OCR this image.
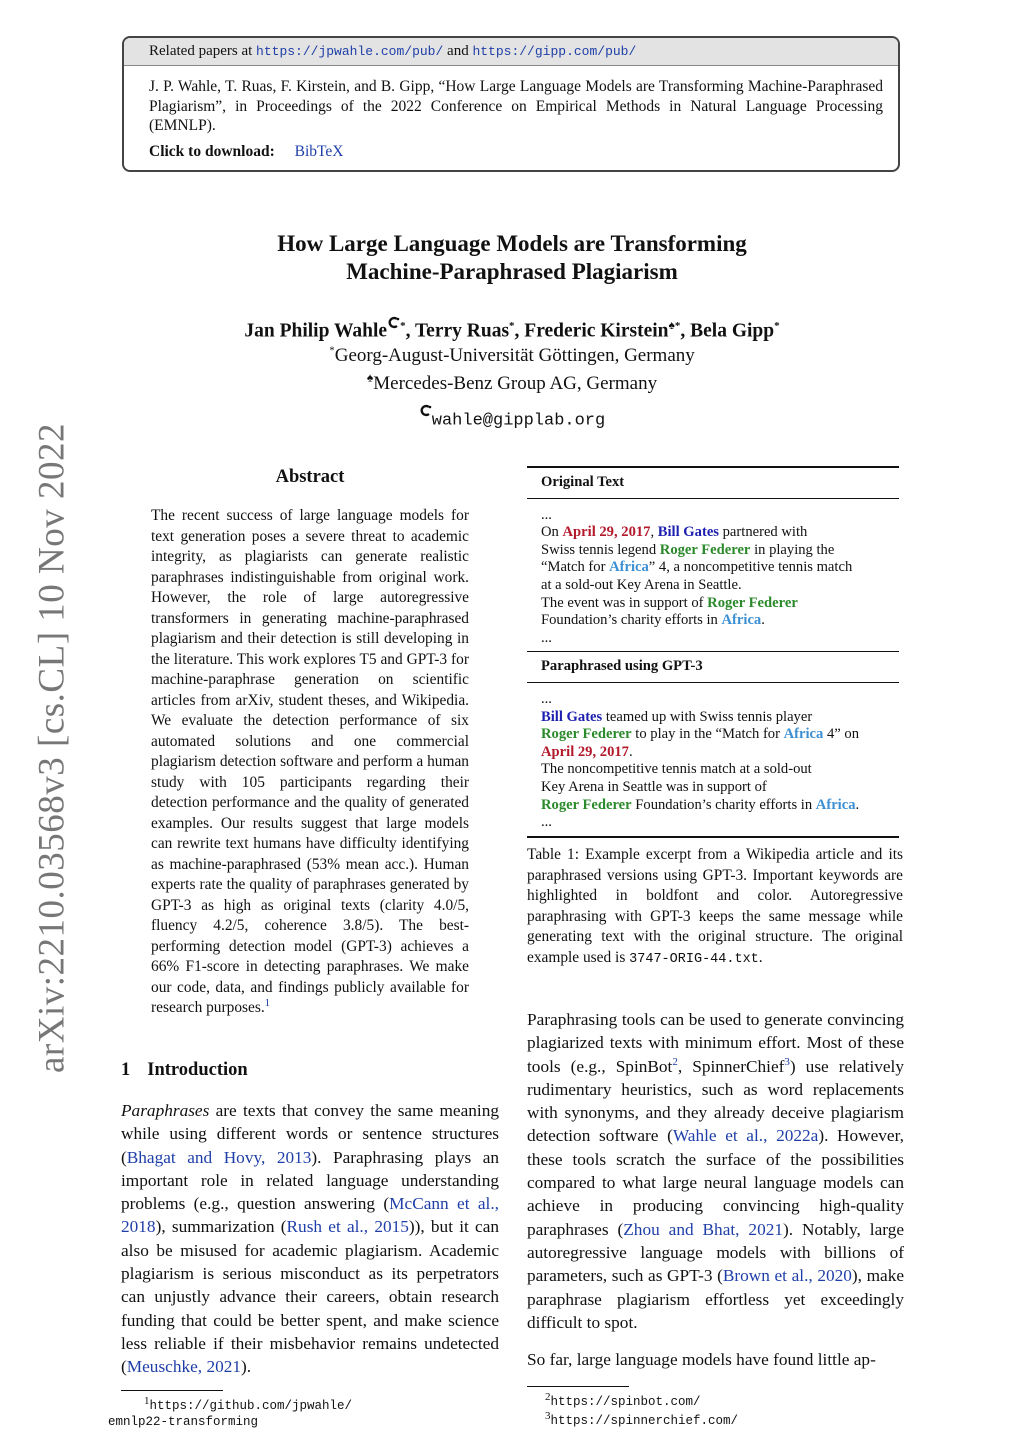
Related papers at https://jpwahle.com/pub/ and https://gipp.com/pub/
J. P. Wahle, T. Ruas, F. Kirstein, and B. Gipp, “How Large Language Models are Transforming Machine-Paraphrased Plagiarism”, in Proceedings of the 2022 Conference on Empirical Methods in Natural Language Processing (EMNLP).
Click to download: BibTeX
arXiv:2210.03568v3 [cs.CL] 10 Nov 2022
How Large Language Models are Transforming
Machine-Paraphrased Plagiarism
Jan Philip Wahle *, Terry Ruas*, Frederic Kirstein♠*, Bela Gipp*
*Georg-August-Universität Göttingen, Germany
♠Mercedes-Benz Group AG, Germany
wahle@gipplab.org
Abstract
The recent success of large language models for text generation poses a severe threat to academic integrity, as plagiarists can generate realistic paraphrases indistinguishable from original work. However, the role of large autoregressive transformers in generating machine-paraphrased plagiarism and their detection is still developing in the literature. This work explores T5 and GPT-3 for machine-paraphrase generation on scientific articles from arXiv, student theses, and Wikipedia. We evaluate the detection performance of six automated solutions and one commercial plagiarism detection software and perform a human study with 105 participants regarding their detection performance and the quality of generated examples. Our results suggest that large models can rewrite text humans have difficulty identifying as machine-paraphrased (53% mean acc.). Human experts rate the quality of paraphrases generated by GPT-3 as high as original texts (clarity 4.0/5, fluency 4.2/5, coherence 3.8/5). The best-performing detection model (GPT-3) achieves a 66% F1-score in detecting paraphrases. We make our code, data, and findings publicly available for research purposes.$^1$
1 Introduction
Paraphrases are texts that convey the same meaning while using different words or sentence structures (Bhagat and Hovy, 2013). Paraphrasing plays an important role in related language understanding problems (e.g., question answering (McCann et al., 2018), summarization (Rush et al., 2015)), but it can also be misused for academic plagiarism. Academic plagiarism is serious misconduct as its perpetrators can unjustly advance their careers, obtain research funding that could be better spent, and make science less reliable if their misbehavior remains undetected (Meuschke, 2021).
$^1$https://github.com/jpwahle/
emnlp22-transforming
Original Text
...
On April 29, 2017, Bill Gates partnered with
Swiss tennis legend Roger Federer in playing the
“Match for Africa” 4, a noncompetitive tennis match
at a sold-out Key Arena in Seattle.
The event was in support of Roger Federer
Foundation’s charity efforts in Africa.
...
Paraphrased using GPT-3
...
Bill Gates teamed up with Swiss tennis player
Roger Federer to play in the “Match for Africa 4” on
April 29, 2017.
The noncompetitive tennis match at a sold-out
Key Arena in Seattle was in support of
Roger Federer Foundation’s charity efforts in Africa.
...
Table 1: Example excerpt from a Wikipedia article and its paraphrased versions using GPT-3. Important keywords are highlighted in boldfont and color. Autoregressive paraphrasing with GPT-3 keeps the same message while generating text with the original structure. The original example used is 3747-ORIG-44.txt.
Paraphrasing tools can be used to generate convincing plagiarized texts with minimum effort. Most of these tools (e.g., SpinBot$^2$, SpinnerChief$^3$) use relatively rudimentary heuristics, such as word replacements with synonyms, and they already deceive plagiarism detection software (Wahle et al., 2022a). However, these tools scratch the surface of the possibilities compared to what large neural language models can achieve in producing convincing high-quality paraphrases (Zhou and Bhat, 2021). Notably, large autoregressive language models with billions of parameters, such as GPT-3 (Brown et al., 2020), make paraphrase plagiarism effortless yet exceedingly difficult to spot.
So far, large language models have found little ap-
$^2$https://spinbot.com/
$^3$https://spinnerchief.com/
